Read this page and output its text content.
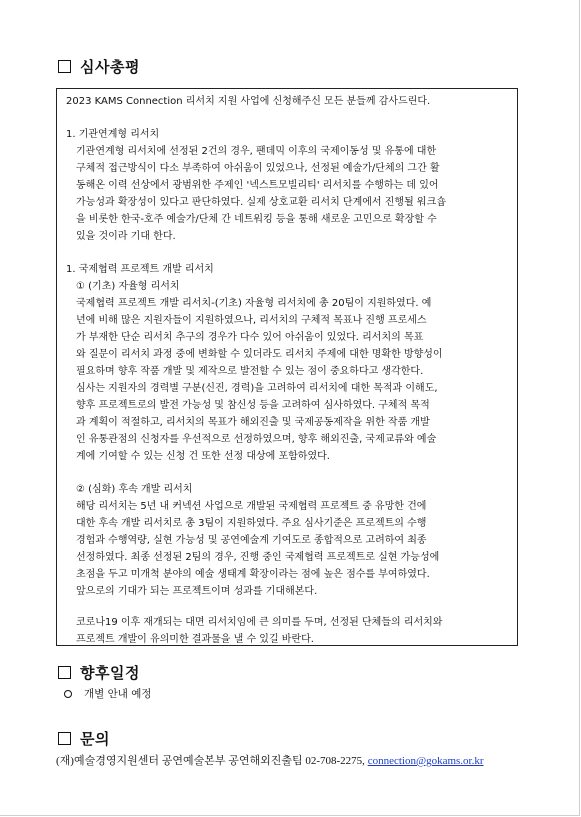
심사총평
2023 KAMS Connection 리서치 지원 사업에 신청해주신 모든 분들께 감사드린다.
1. 기관연계형 리서치
기관연계형 리서치에 선정된 2건의 경우, 팬데믹 이후의 국제이동성 및 유통에 대한
구체적 접근방식이 다소 부족하여 아쉬움이 있었으나, 선정된 예술가/단체의 그간 활
동해온 이력 선상에서 광범위한 주제인 '넥스트모빌리티' 리서치를 수행하는 데 있어
가능성과 확장성이 있다고 판단하였다. 실제 상호교환 리서치 단계에서 진행될 워크숍
을 비롯한 한국-호주 예술가/단체 간 네트워킹 등을 통해 새로운 고민으로 확장할 수
있을 것이라 기대 한다.
1. 국제협력 프로젝트 개발 리서치
① (기초) 자율형 리서치
국제협력 프로젝트 개발 리서치-(기초) 자율형 리서치에 총 20팀이 지원하였다. 예
년에 비해 많은 지원자들이 지원하였으나, 리서치의 구체적 목표나 진행 프로세스
가 부재한 단순 리서치 추구의 경우가 다수 있어 아쉬움이 있었다. 리서치의 목표
와 질문이 리서치 과정 중에 변화할 수 있더라도 리서치 주제에 대한 명확한 방향성이
필요하며 향후 작품 개발 및 제작으로 발전할 수 있는 점이 중요하다고 생각한다.
심사는 지원자의 경력별 구분(신진, 경력)을 고려하여 리서치에 대한 목적과 이해도,
향후 프로젝트로의 발전 가능성 및 참신성 등을 고려하여 심사하였다. 구체적 목적
과 계획이 적절하고, 리서치의 목표가 해외진출 및 국제공동제작을 위한 작품 개발
인 유통관점의 신청자를 우선적으로 선정하였으며, 향후 해외진출, 국제교류와 예술
계에 기여할 수 있는 신청 건 또한 선정 대상에 포함하였다.
② (심화) 후속 개발 리서치
해당 리서치는 5년 내 커넥션 사업으로 개발된 국제협력 프로젝트 중 유망한 건에
대한 후속 개발 리서치로 총 3팀이 지원하였다. 주요 심사기준은 프로젝트의 수행
경험과 수행역량, 실현 가능성 및 공연예술계 기여도로 종합적으로 고려하여 최종
선정하였다. 최종 선정된 2팀의 경우, 진행 중인 국제협력 프로젝트로 실현 가능성에
초점을 두고 미개척 분야의 예술 생태계 확장이라는 점에 높은 점수를 부여하였다.
앞으로의 기대가 되는 프로젝트이며 성과를 기대해본다.
코로나19 이후 재개되는 대면 리서치임에 큰 의미를 두며, 선정된 단체들의 리서치와
프로젝트 개발이 유의미한 결과물을 낼 수 있길 바란다.
향후일정
개별 안내 예정
문의
(재)예술경영지원센터 공연예술본부 공연해외진출팀 02-708-2275, connection@gokams.or.kr
